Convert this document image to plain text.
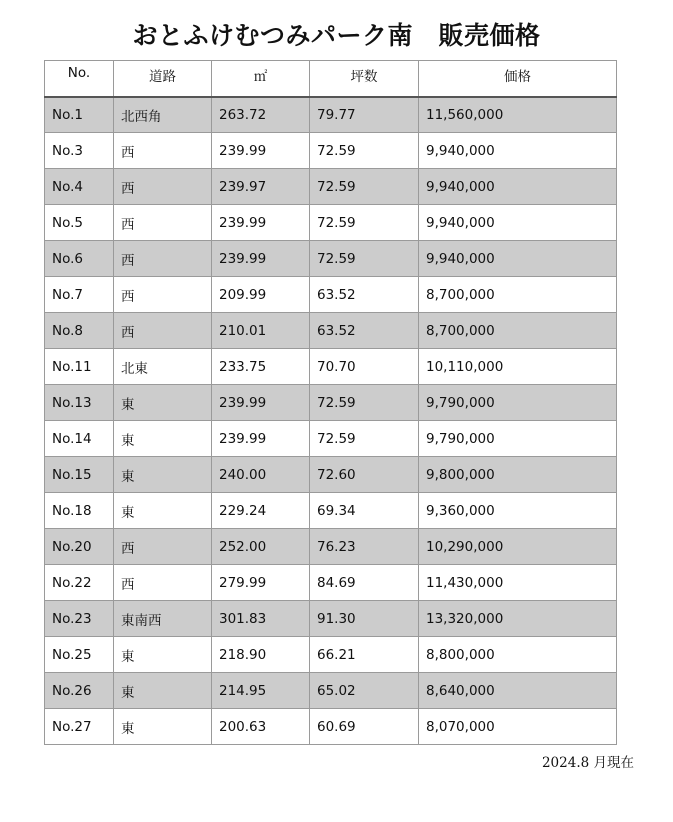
おとふけむつみパーク南　販売価格
No.	道路	㎡	坪数	価格
No.1	北西角	263.72	79.77	11,560,000
No.3	西	239.99	72.59	9,940,000
No.4	西	239.97	72.59	9,940,000
No.5	西	239.99	72.59	9,940,000
No.6	西	239.99	72.59	9,940,000
No.7	西	209.99	63.52	8,700,000
No.8	西	210.01	63.52	8,700,000
No.11	北東	233.75	70.70	10,110,000
No.13	東	239.99	72.59	9,790,000
No.14	東	239.99	72.59	9,790,000
No.15	東	240.00	72.60	9,800,000
No.18	東	229.24	69.34	9,360,000
No.20	西	252.00	76.23	10,290,000
No.22	西	279.99	84.69	11,430,000
No.23	東南西	301.83	91.30	13,320,000
No.25	東	218.90	66.21	8,800,000
No.26	東	214.95	65.02	8,640,000
No.27	東	200.63	60.69	8,070,000
2024.8 月現在
